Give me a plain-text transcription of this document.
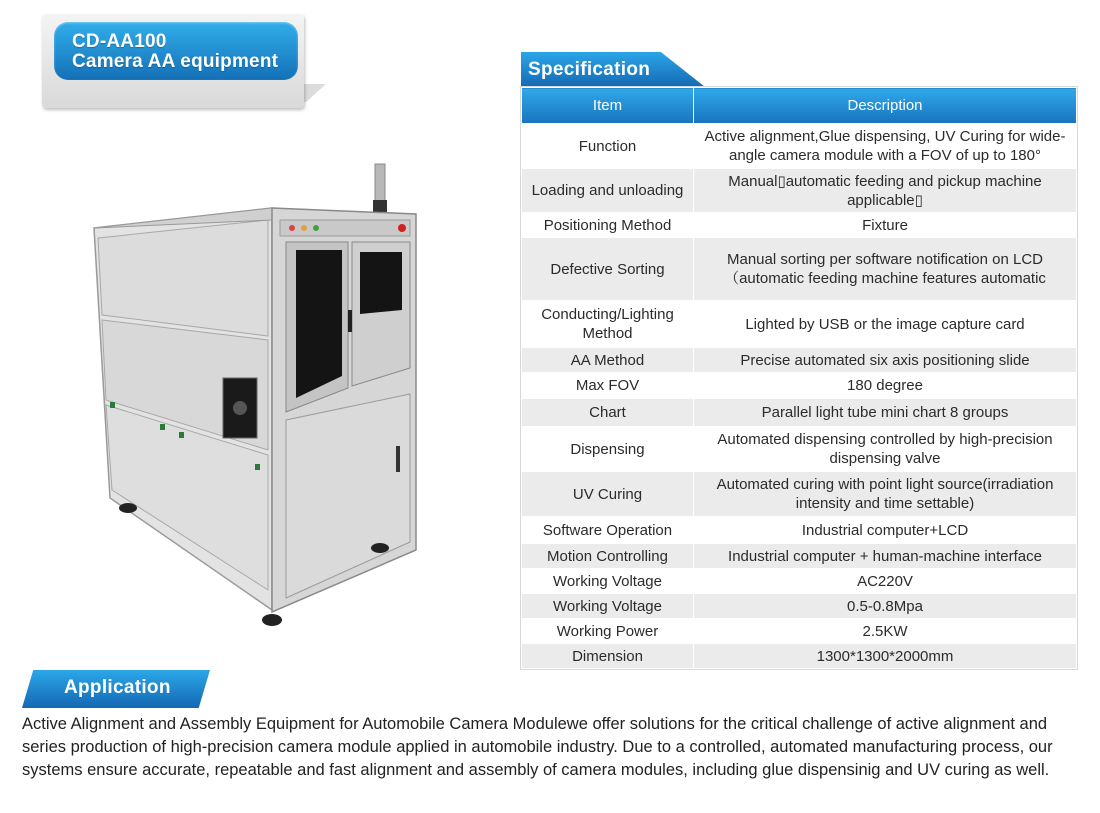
CD-AA100
Camera AA equipment	Specification
Item	Description
Function	Active alignment,Glue dispensing, UV Curing for wide-angle camera module with a FOV of up to 180°
Loading and unloading	Manual▯automatic feeding and pickup machine applicable▯
Positioning Method	Fixture
Defective Sorting	Manual sorting per software notification on LCD （automatic feeding machine features automatic
Conducting/Lighting Method	Lighted by USB or the image capture card
AA Method	Precise automated six axis positioning slide
Max FOV	180 degree
Chart	Parallel light tube mini chart 8 groups
Dispensing	Automated dispensing controlled by high-precision dispensing valve
UV Curing	Automated curing with point light source(irradiation intensity and time settable)
Software Operation	Industrial computer+LCD
Motion Controlling	Industrial computer + human-machine interface
Working Voltage	AC220V
Working Voltage	0.5-0.8Mpa
Working Power	2.5KW
Dimension	1300*1300*2000mm
Application
Active Alignment and Assembly Equipment for Automobile Camera Modulewe offer solutions for the critical challenge of active alignment and series production of high-precision camera module applied in automobile industry. Due to a controlled, automated manufacturing process, our systems ensure accurate, repeatable and fast alignment and assembly of camera modules, including glue dispensinig and UV curing as well.
